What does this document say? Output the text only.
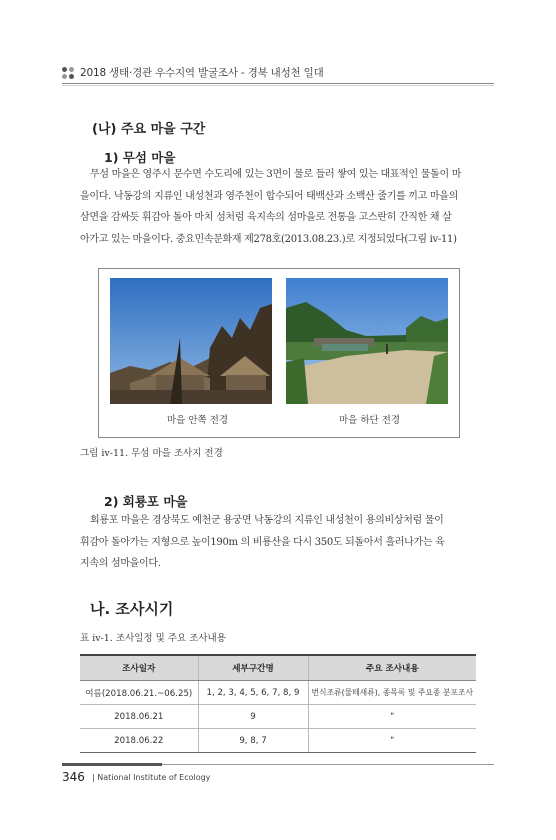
2018 생태·경관 우수지역 발굴조사 - 경북 내성천 일대
(나) 주요 마을 구간
1) 무섬 마을
무섬 마을은 영주시 문수면 수도리에 있는 3면이 물로 들러 쌓여 있는 대표적인 물돌이 마
을이다. 낙동강의 지류인 내성천과 영주천이 합수되어 태백산과 소백산 줄기를 끼고 마을의
삼면을 감싸듯 휘감아 돌아 마치 섬처럼 육지속의 섬마을로 전통을 고스란히 간직한 채 살
아가고 있는 마을이다. 중요민속문화재 제278호(2013.08.23.)로 지정되었다(그림 iv-11)
마을 안쪽 전경	마을 하단 전경
그림 iv-11. 무섬 마을 조사지 전경
2) 회룡포 마을
회룡포 마을은 경상북도 예천군 용궁면 낙동강의 지류인 내성천이 용의비상처럼 물이
휘감아 돌아가는 지형으로 높이190m 의 비룡산을 다시 350도 되돌아서 흘러나가는 육
지속의 섬마을이다.
나. 조사시기
표 iv-1. 조사일정 및 주요 조사내용
조사일자	세부구간명	주요 조사내용
여름(2018.06.21.~06.25)	1, 2, 3, 4, 5, 6, 7, 8, 9	번식조류(물떼새류), 종목록 및 주요종 분포조사
2018.06.21	9	"
2018.06.22	9, 8, 7	"
346 | National Institute of Ecology
